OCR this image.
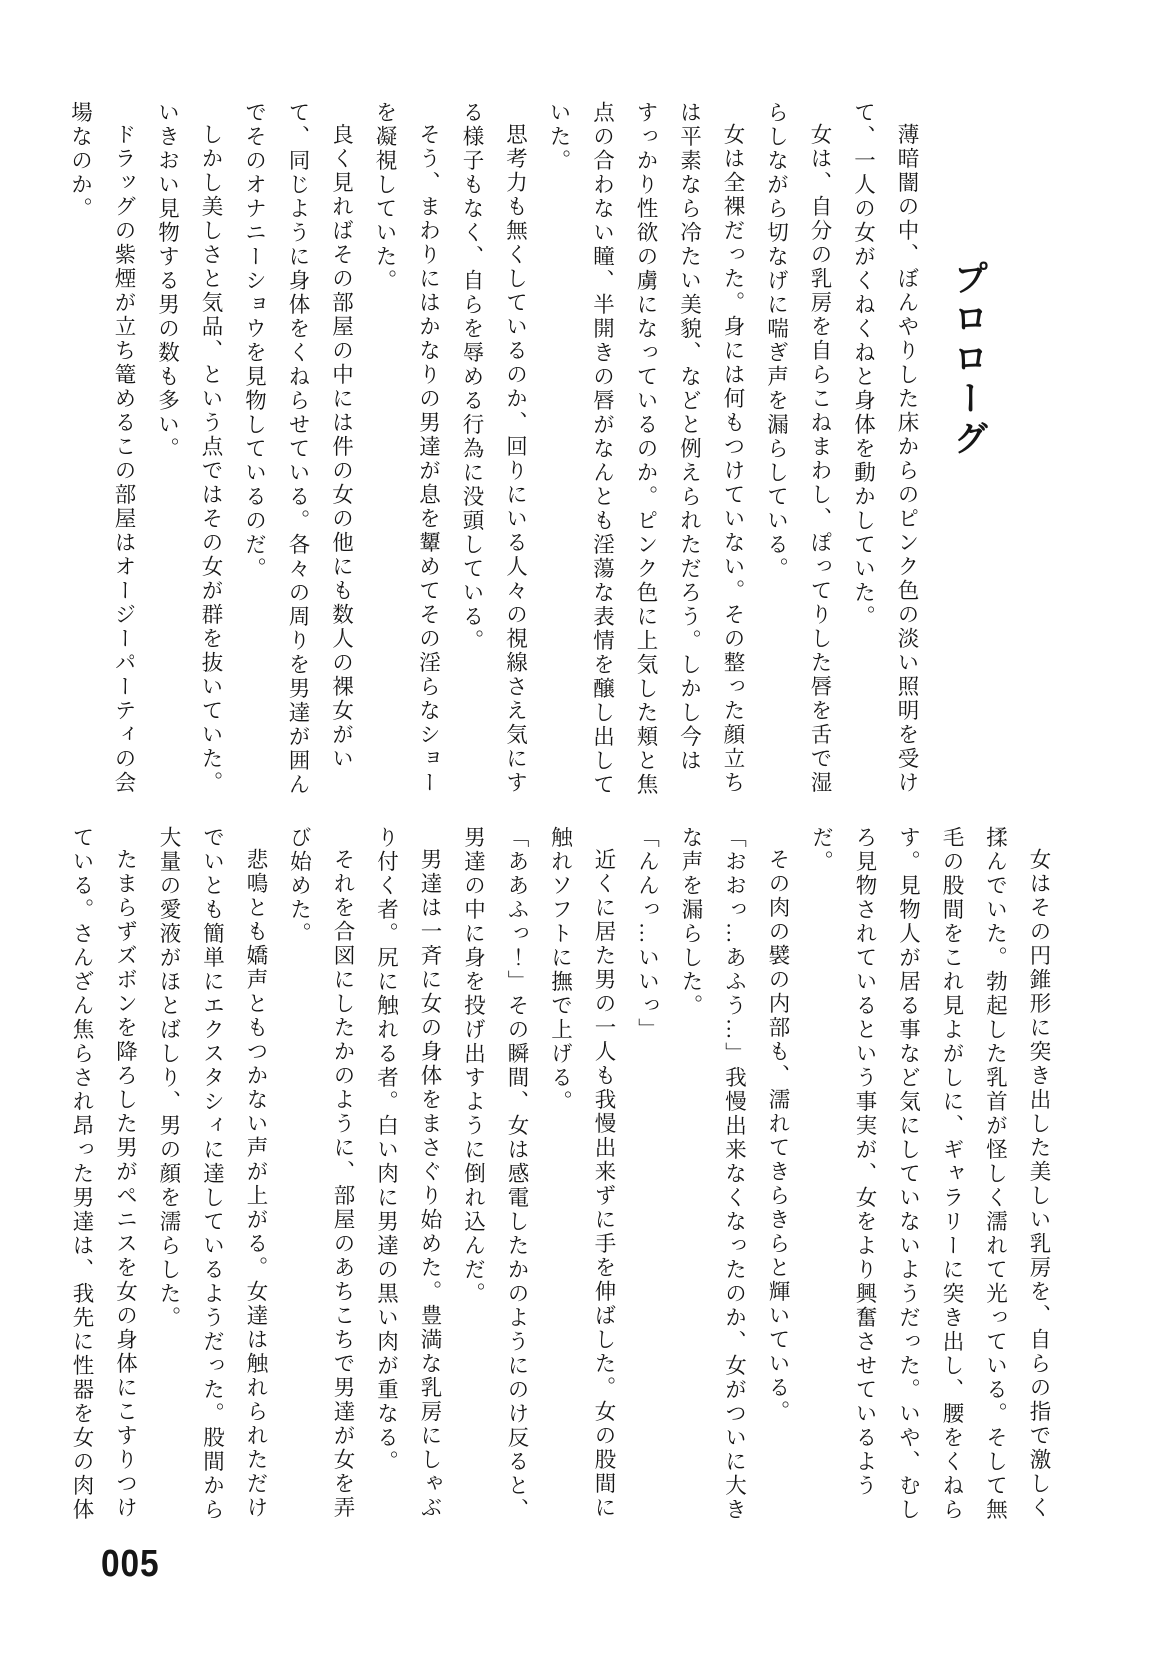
プロローグ

薄暗闇の中、ぼんやりした床からのピンク色の淡い照明を受けて、一人の女がくねくねと身体を動かしていた。

女は、自分の乳房を自らこねまわし、ぽってりした唇を舌で湿らしながら切なげに喘ぎ声を漏らしている。

女は全裸だった。身には何もつけていない。その整った顔立ちは平素なら冷たい美貌、などと例えられただろう。しかし今はすっかり性欲の虜になっているのか。ピンク色に上気した頬と焦点の合わない瞳、半開きの唇がなんとも淫蕩な表情を醸し出していた。

思考力も無くしているのか、回りにいる人々の視線さえ気にする様子もなく、自らを辱める行為に没頭している。

そう、まわりにはかなりの男達が息を顰めてその淫らなショーを凝視していた。

良く見ればその部屋の中には件の女の他にも数人の裸女がいて、同じように身体をくねらせている。各々の周りを男達が囲んでそのオナニーショウを見物しているのだ。

しかし美しさと気品、という点ではその女が群を抜いていた。いきおい見物する男の数も多い。

ドラッグの紫煙が立ち篭めるこの部屋はオージーパーティの会場なのか。

女はその円錐形に突き出した美しい乳房を、自らの指で激しく揉んでいた。勃起した乳首が怪しく濡れて光っている。そして無毛の股間をこれ見よがしに、ギャラリーに突き出し、腰をくねらす。見物人が居る事など気にしていないようだった。いや、むしろ見物されているという事実が、女をより興奮させているようだ。

その肉の襞の内部も、濡れてきらきらと輝いている。

「おおっ…あふう…」我慢出来なくなったのか、女がついに大きな声を漏らした。

「んんっ…いいっ」

近くに居た男の一人も我慢出来ずに手を伸ばした。女の股間に触れソフトに撫で上げる。

「ああふっ！」その瞬間、女は感電したかのようにのけ反ると、男達の中に身を投げ出すように倒れ込んだ。

男達は一斉に女の身体をまさぐり始めた。豊満な乳房にしゃぶり付く者。尻に触れる者。白い肉に男達の黒い肉が重なる。

それを合図にしたかのように、部屋のあちこちで男達が女を弄び始めた。

悲鳴とも嬌声ともつかない声が上がる。女達は触れられただけでいとも簡単にエクスタシィに達しているようだった。股間から大量の愛液がほとばしり、男の顔を濡らした。

たまらずズボンを降ろした男がペニスを女の身体にこすりつけている。さんざん焦らされ昂った男達は、我先に性器を女の肉体

005
